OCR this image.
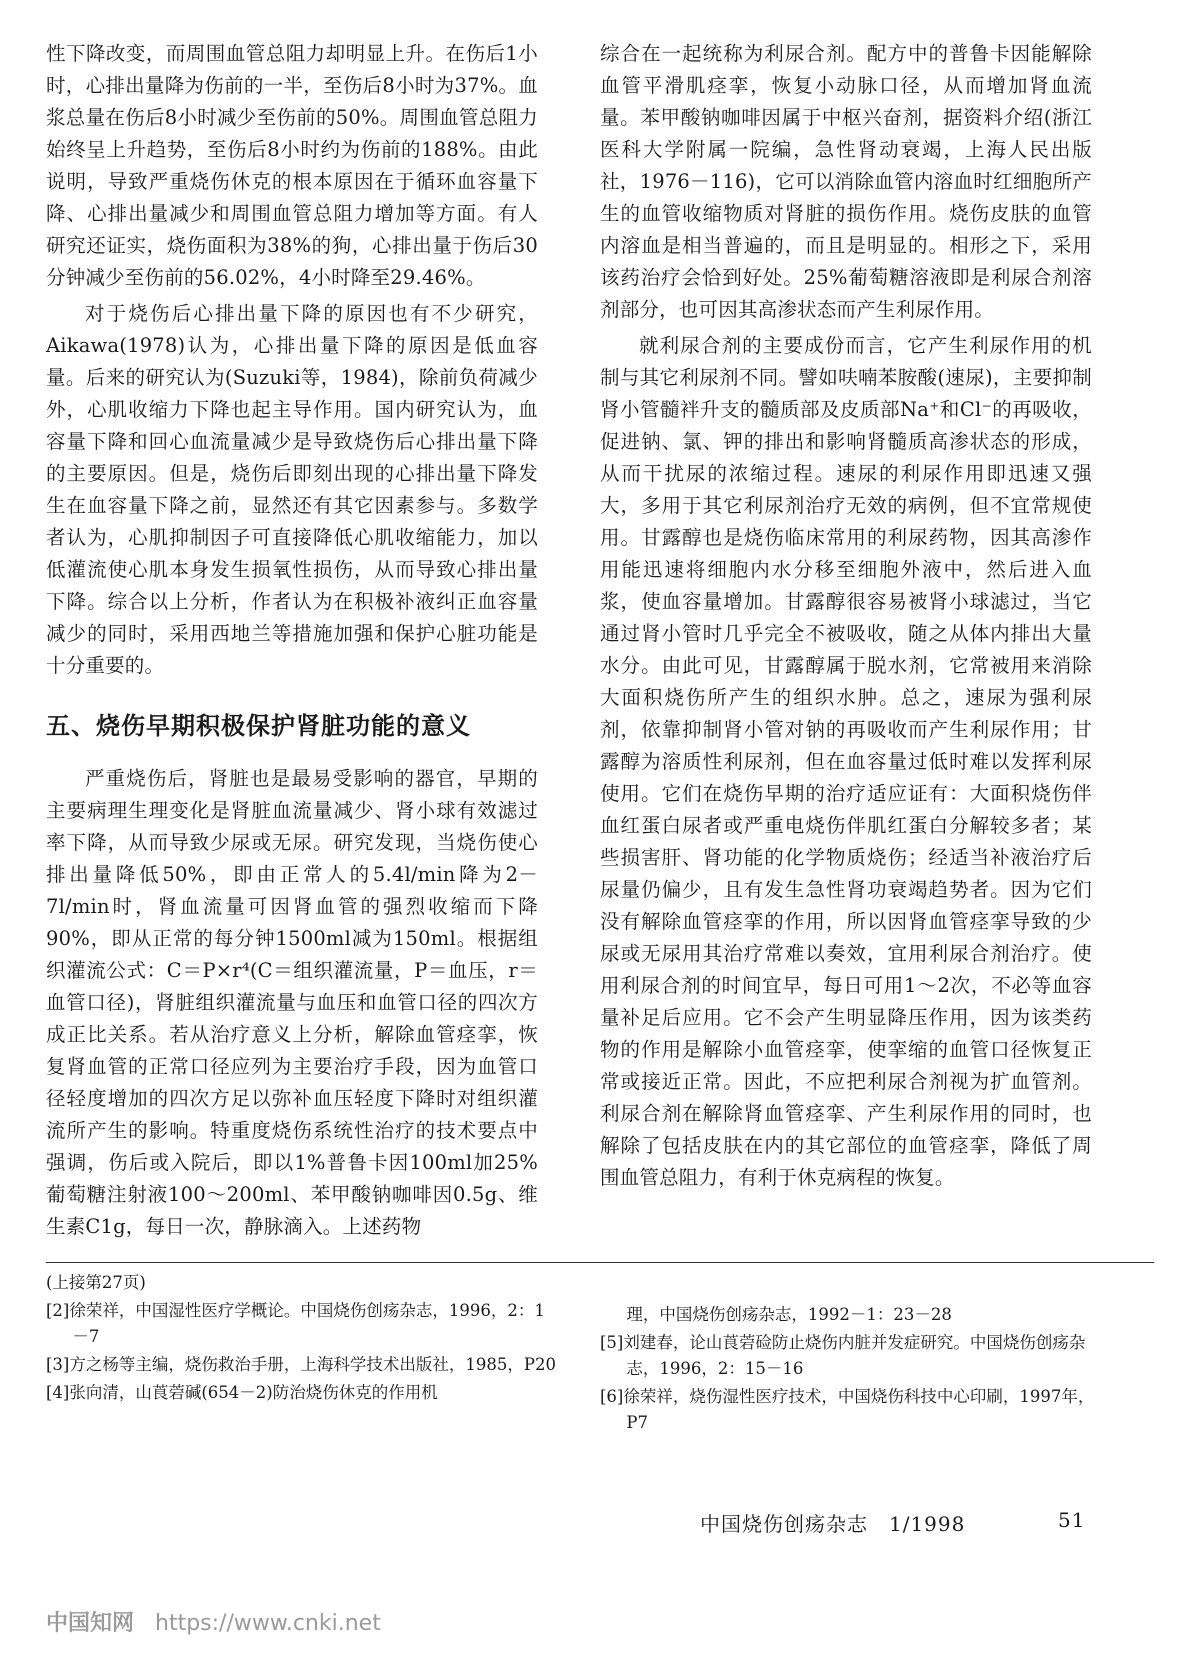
性下降改变，而周围血管总阻力却明显上升。在伤后1小时，心排出量降为伤前的一半，至伤后8小时为37%。血浆总量在伤后8小时减少至伤前的50%。周围血管总阻力始终呈上升趋势，至伤后8小时约为伤前的188%。由此说明，导致严重烧伤休克的根本原因在于循环血容量下降、心排出量减少和周围血管总阻力增加等方面。有人研究还证实，烧伤面积为38%的狗，心排出量于伤后30分钟减少至伤前的56.02%，4小时降至29.46%。

对于烧伤后心排出量下降的原因也有不少研究，Aikawa(1978)认为，心排出量下降的原因是低血容量。后来的研究认为(Suzuki等，1984)，除前负荷减少外，心肌收缩力下降也起主导作用。国内研究认为，血容量下降和回心血流量减少是导致烧伤后心排出量下降的主要原因。但是，烧伤后即刻出现的心排出量下降发生在血容量下降之前，显然还有其它因素参与。多数学者认为，心肌抑制因子可直接降低心肌收缩能力，加以低灌流使心肌本身发生损氧性损伤，从而导致心排出量下降。综合以上分析，作者认为在积极补液纠正血容量减少的同时，采用西地兰等措施加强和保护心脏功能是十分重要的。

五、烧伤早期积极保护肾脏功能的意义

严重烧伤后，肾脏也是最易受影响的器官，早期的主要病理生理变化是肾脏血流量减少、肾小球有效滤过率下降，从而导致少尿或无尿。研究发现，当烧伤使心排出量降低50%，即由正常人的5.4l/min降为2－7l/min时，肾血流量可因肾血管的强烈收缩而下降90%，即从正常的每分钟1500ml减为150ml。根据组织灌流公式：C＝P×r⁴(C＝组织灌流量，P＝血压，r＝血管口径)，肾脏组织灌流量与血压和血管口径的四次方成正比关系。若从治疗意义上分析，解除血管痉挛，恢复肾血管的正常口径应列为主要治疗手段，因为血管口径轻度增加的四次方足以弥补血压轻度下降时对组织灌流所产生的影响。特重度烧伤系统性治疗的技术要点中强调，伤后或入院后，即以1%普鲁卡因100ml加25%葡萄糖注射液100～200ml、苯甲酸钠咖啡因0.5g、维生素C1g，每日一次，静脉滴入。上述药物

综合在一起统称为利尿合剂。配方中的普鲁卡因能解除血管平滑肌痉挛，恢复小动脉口径，从而增加肾血流量。苯甲酸钠咖啡因属于中枢兴奋剂，据资料介绍(浙江医科大学附属一院编，急性肾动衰竭，上海人民出版社，1976－116)，它可以消除血管内溶血时红细胞所产生的血管收缩物质对肾脏的损伤作用。烧伤皮肤的血管内溶血是相当普遍的，而且是明显的。相形之下，采用该药治疗会恰到好处。25%葡萄糖溶液即是利尿合剂溶剂部分，也可因其高渗状态而产生利尿作用。

就利尿合剂的主要成份而言，它产生利尿作用的机制与其它利尿剂不同。譬如呋喃苯胺酸(速尿)，主要抑制肾小管髓袢升支的髓质部及皮质部Na⁺和Cl⁻的再吸收，促进钠、氯、钾的排出和影响肾髓质高渗状态的形成，从而干扰尿的浓缩过程。速尿的利尿作用即迅速又强大，多用于其它利尿剂治疗无效的病例，但不宜常规使用。甘露醇也是烧伤临床常用的利尿药物，因其高渗作用能迅速将细胞内水分移至细胞外液中，然后进入血浆，使血容量增加。甘露醇很容易被肾小球滤过，当它通过肾小管时几乎完全不被吸收，随之从体内排出大量水分。由此可见，甘露醇属于脱水剂，它常被用来消除大面积烧伤所产生的组织水肿。总之，速尿为强利尿剂，依靠抑制肾小管对钠的再吸收而产生利尿作用；甘露醇为溶质性利尿剂，但在血容量过低时难以发挥利尿使用。它们在烧伤早期的治疗适应证有：大面积烧伤伴血红蛋白尿者或严重电烧伤伴肌红蛋白分解较多者；某些损害肝、肾功能的化学物质烧伤；经适当补液治疗后尿量仍偏少，且有发生急性肾功衰竭趋势者。因为它们没有解除血管痉挛的作用，所以因肾血管痉挛导致的少尿或无尿用其治疗常难以奏效，宜用利尿合剂治疗。使用利尿合剂的时间宜早，每日可用1～2次，不必等血容量补足后应用。它不会产生明显降压作用，因为该类药物的作用是解除小血管痉挛，使挛缩的血管口径恢复正常或接近正常。因此，不应把利尿合剂视为扩血管剂。利尿合剂在解除肾血管痉挛、产生利尿作用的同时，也解除了包括皮肤在内的其它部位的血管痉挛，降低了周围血管总阻力，有利于休克病程的恢复。

(上接第27页)
[2]徐荣祥，中国湿性医疗学概论。中国烧伤创疡杂志，1996，2：1－7
[3]方之杨等主编，烧伤救治手册，上海科学技术出版社，1985，P20
[4]张向清，山莨菪碱(654－2)防治烧伤休克的作用机
理，中国烧伤创疡杂志，1992－1：23－28
[5]刘建春，论山莨菪硷防止烧伤内脏并发症研究。中国烧伤创疡杂志，1996，2：15－16
[6]徐荣祥，烧伤湿性医疗技术，中国烧伤科技中心印刷，1997年，P7
中国烧伤创疡杂志　1/1998	51
中国知网 https://www.cnki.net
